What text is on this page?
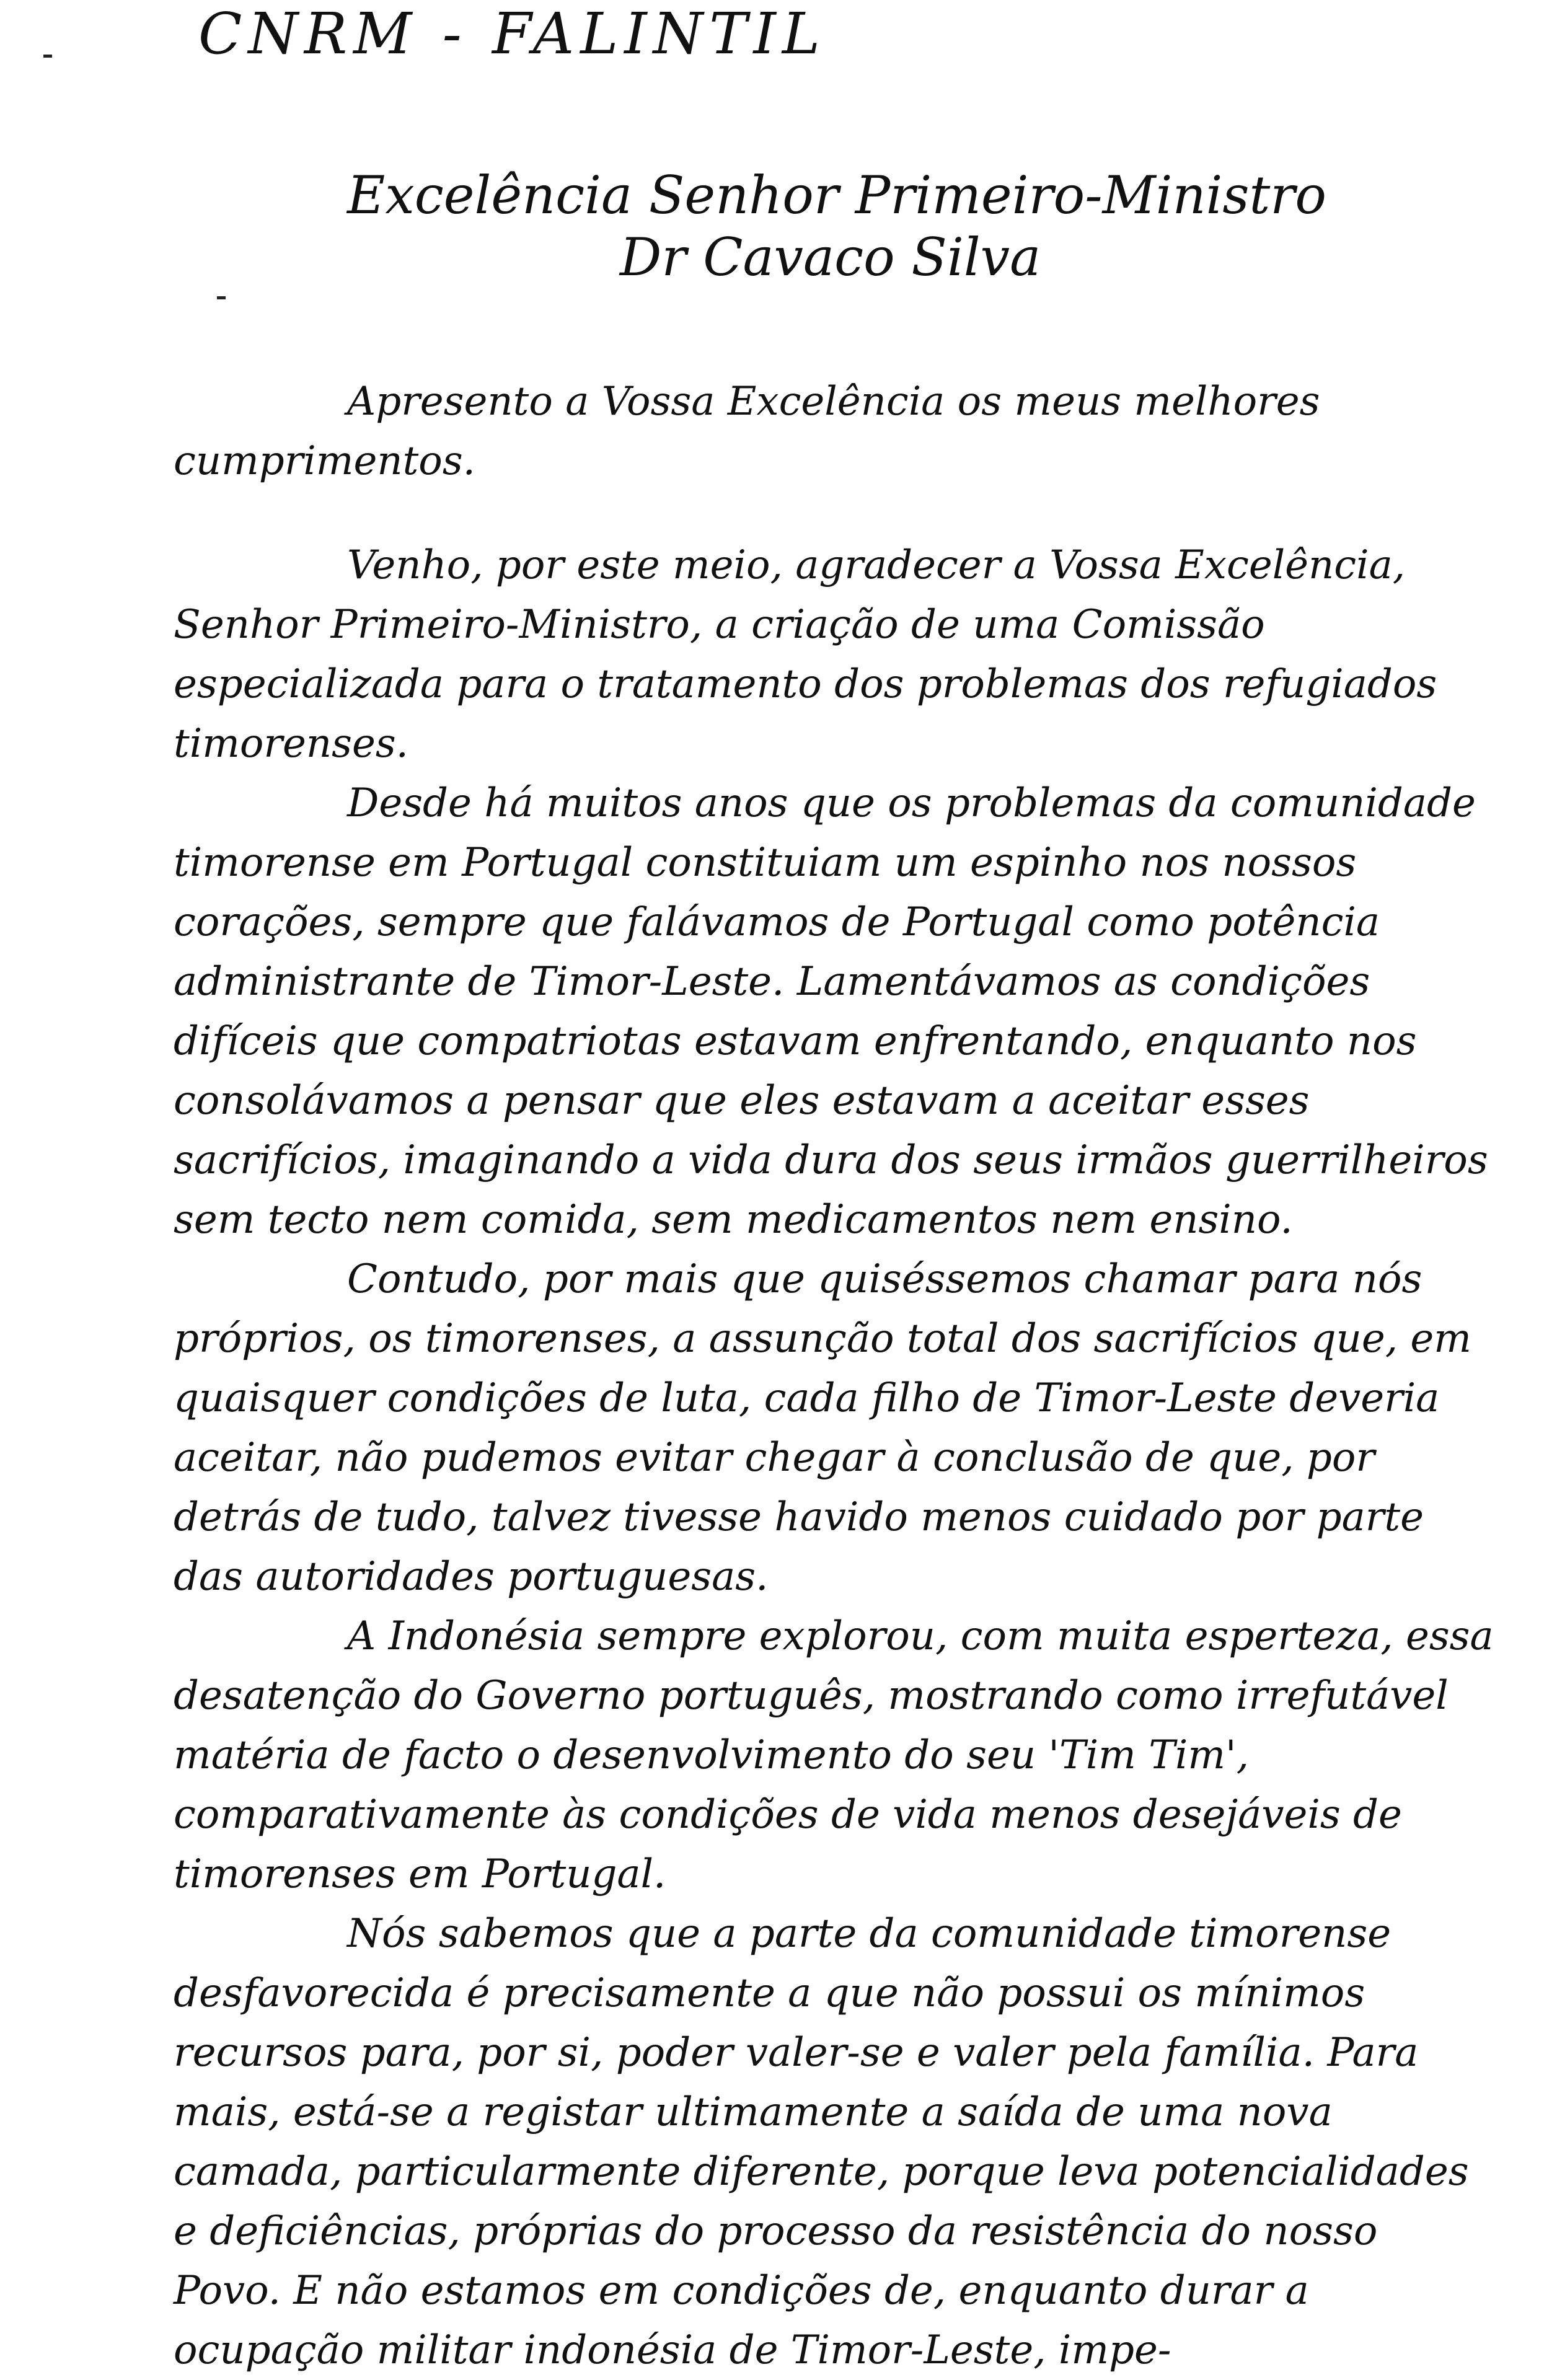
CNRM - FALINTIL
Excelência Senhor Primeiro-Ministro
Dr Cavaco Silva

Apresento a Vossa Excelência os meus melhores cumprimentos.

Venho, por este meio, agradecer a Vossa Excelência, Senhor Primeiro-Ministro, a criação de uma Comissão especializada para o tratamento dos problemas dos refugiados timorenses.

Desde há muitos anos que os problemas da comunidade timorense em Portugal constituiam um espinho nos nossos corações, sempre que falávamos de Portugal como potência administrante de Timor-Leste. Lamentávamos as condições difíceis que compatriotas estavam enfrentando, enquanto nos consolávamos a pensar que eles estavam a aceitar esses sacrifícios, imaginando a vida dura dos seus irmãos guerrilheiros sem tecto nem comida, sem medicamentos nem ensino.

Contudo, por mais que quiséssemos chamar para nós próprios, os timorenses, a assunção total dos sacrifícios que, em quaisquer condições de luta, cada filho de Timor-Leste deveria aceitar, não pudemos evitar chegar à conclusão de que, por detrás de tudo, talvez tivesse havido menos cuidado por parte das autoridades portuguesas.

A Indonésia sempre explorou, com muita esperteza, essa desatenção do Governo português, mostrando como irrefutável matéria de facto o desenvolvimento do seu 'Tim Tim', comparativamente às condições de vida menos desejáveis de timorenses em Portugal.

Nós sabemos que a parte da comunidade timorense desfavorecida é precisamente a que não possui os mínimos recursos para, por si, poder valer-se e valer pela família. Para mais, está-se a registar ultimamente a saída de uma nova camada, particularmente diferente, porque leva potencialidades e deficiências, próprias do processo da resistência do nosso Povo. E não estamos em condições de, enquanto durar a ocupação militar indonésia de Timor-Leste, impe-
